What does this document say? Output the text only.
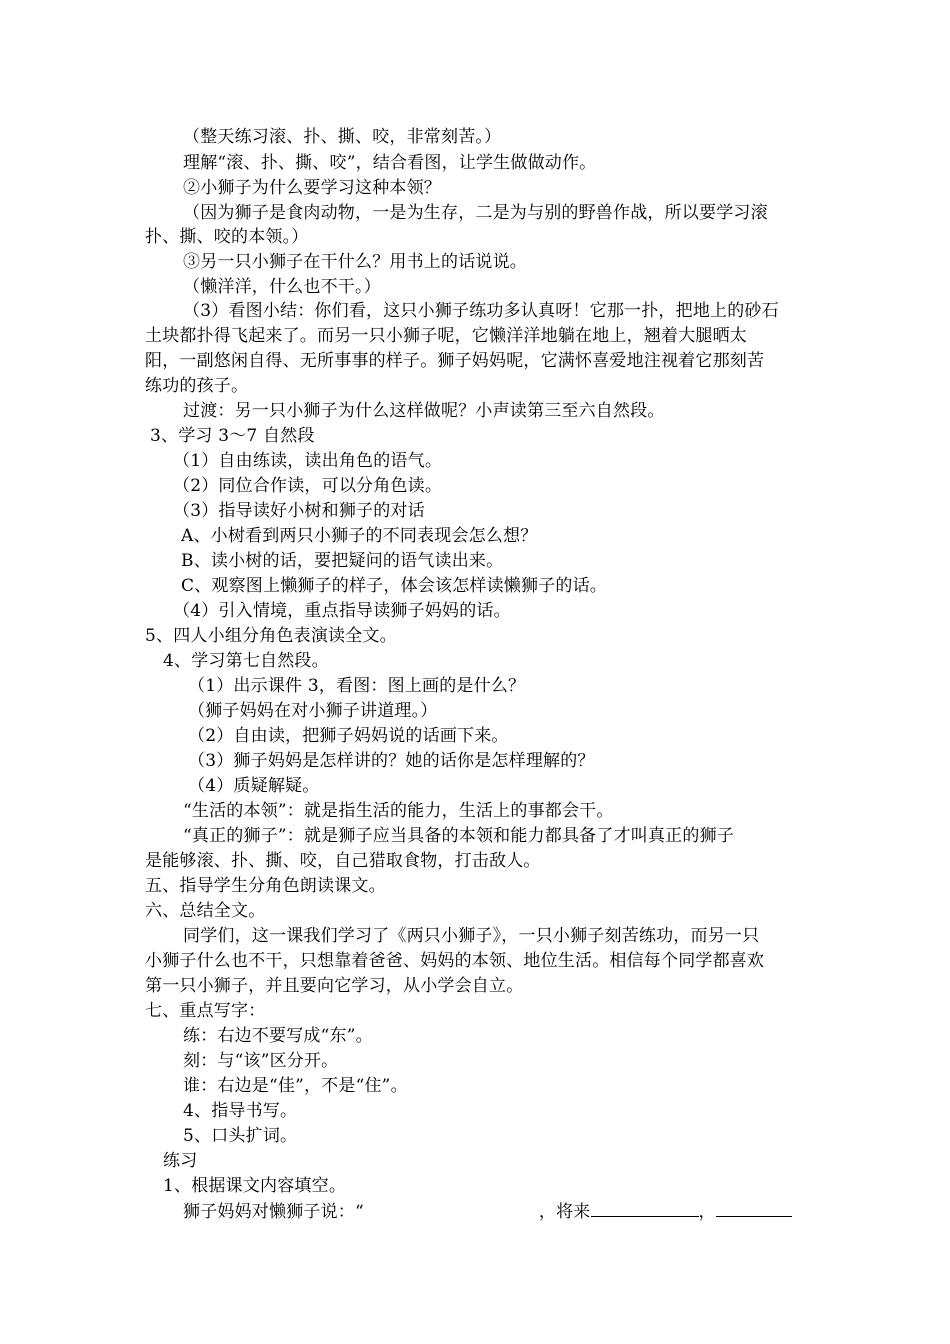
（整天练习滚、扑、撕、咬，非常刻苦。）
理解“滚、扑、撕、咬”，结合看图，让学生做做动作。
②小狮子为什么要学习这种本领？
（因为狮子是食肉动物，一是为生存，二是为与别的野兽作战，所以要学习滚
扑、撕、咬的本领。）
③另一只小狮子在干什么？用书上的话说说。
（懒洋洋，什么也不干。）
（3）看图小结：你们看，这只小狮子练功多认真呀！它那一扑，把地上的砂石
土块都扑得飞起来了。而另一只小狮子呢，它懒洋洋地躺在地上，翘着大腿晒太
阳，一副悠闲自得、无所事事的样子。狮子妈妈呢，它满怀喜爱地注视着它那刻苦
练功的孩子。
过渡：另一只小狮子为什么这样做呢？小声读第三至六自然段。
3、学习 3～7 自然段
（1）自由练读，读出角色的语气。
（2）同位合作读，可以分角色读。
（3）指导读好小树和狮子的对话
A、小树看到两只小狮子的不同表现会怎么想？
B、读小树的话，要把疑问的语气读出来。
C、观察图上懒狮子的样子，体会该怎样读懒狮子的话。
（4）引入情境，重点指导读狮子妈妈的话。
5、四人小组分角色表演读全文。
4、学习第七自然段。
（1）出示课件 3，看图：图上画的是什么？
（狮子妈妈在对小狮子讲道理。）
（2）自由读，把狮子妈妈说的话画下来。
（3）狮子妈妈是怎样讲的？她的话你是怎样理解的？
（4）质疑解疑。
“生活的本领”：就是指生活的能力，生活上的事都会干。
“真正的狮子”：就是狮子应当具备的本领和能力都具备了才叫真正的狮子
是能够滚、扑、撕、咬，自己猎取食物，打击敌人。
五、指导学生分角色朗读课文。
六、总结全文。
同学们，这一课我们学习了《两只小狮子》，一只小狮子刻苦练功，而另一只
小狮子什么也不干，只想靠着爸爸、妈妈的本领、地位生活。相信每个同学都喜欢
第一只小狮子，并且要向它学习，从小学会自立。
七、重点写字：
练：右边不要写成“东”。
刻：与“该”区分开。
谁：右边是“佳”，不是“住”。
4、指导书写。
5、口头扩词。
练习
1、根据课文内容填空。
狮子妈妈对懒狮子说：“	，将来	，
